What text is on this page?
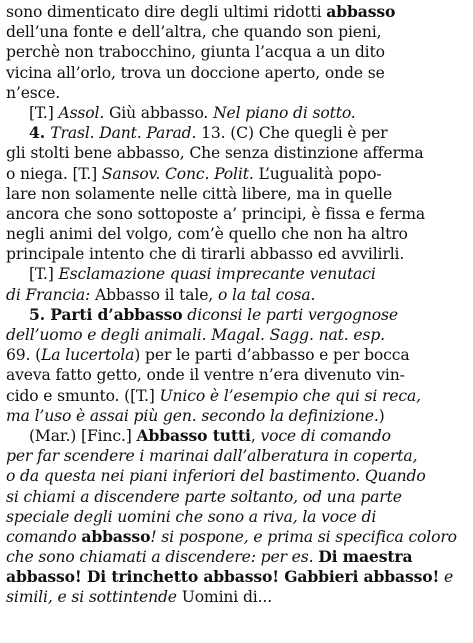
sono dimenticato dire degli ultimi ridotti abbasso
dell’una fonte e dell’altra, che quando son pieni,
perchè non trabocchino, giunta l’acqua a un dito
vicina all’orlo, trova un doccione aperto, onde se
n’esce.
[T.] Assol. Giù abbasso. Nel piano di sotto.
4. Trasl. Dant. Parad. 13. (C) Che quegli è per
gli stolti bene abbasso, Che senza distinzione afferma
o niega. [T.] Sansov. Conc. Polit. L’ugualità popo-
lare non solamente nelle città libere, ma in quelle
ancora che sono sottoposte a’ principi, è fissa e ferma
negli animi del volgo, com’è quello che non ha altro
principale intento che di tirarli abbasso ed avvilirli.
[T.] Esclamazione quasi imprecante venutaci
di Francia: Abbasso il tale, o la tal cosa.
5. Parti d’abbasso diconsi le parti vergognose
dell’uomo e degli animali. Magal. Sagg. nat. esp.
69. (La lucertola) per le parti d’abbasso e per bocca
aveva fatto getto, onde il ventre n’era divenuto vin-
cido e smunto. ([T.] Unico è l’esempio che qui si reca,
ma l’uso è assai più gen. secondo la definizione.)
(Mar.) [Finc.] Abbasso tutti, voce di comando
per far scendere i marinai dall’alberatura in coperta,
o da questa nei piani inferiori del bastimento. Quando
si chiami a discendere parte soltanto, od una parte
speciale degli uomini che sono a riva, la voce di
comando abbasso! si pospone, e prima si specifica coloro
che sono chiamati a discendere: per es. Di maestra
abbasso! Di trinchetto abbasso! Gabbieri abbasso! e
simili, e si sottintende Uomini di...
